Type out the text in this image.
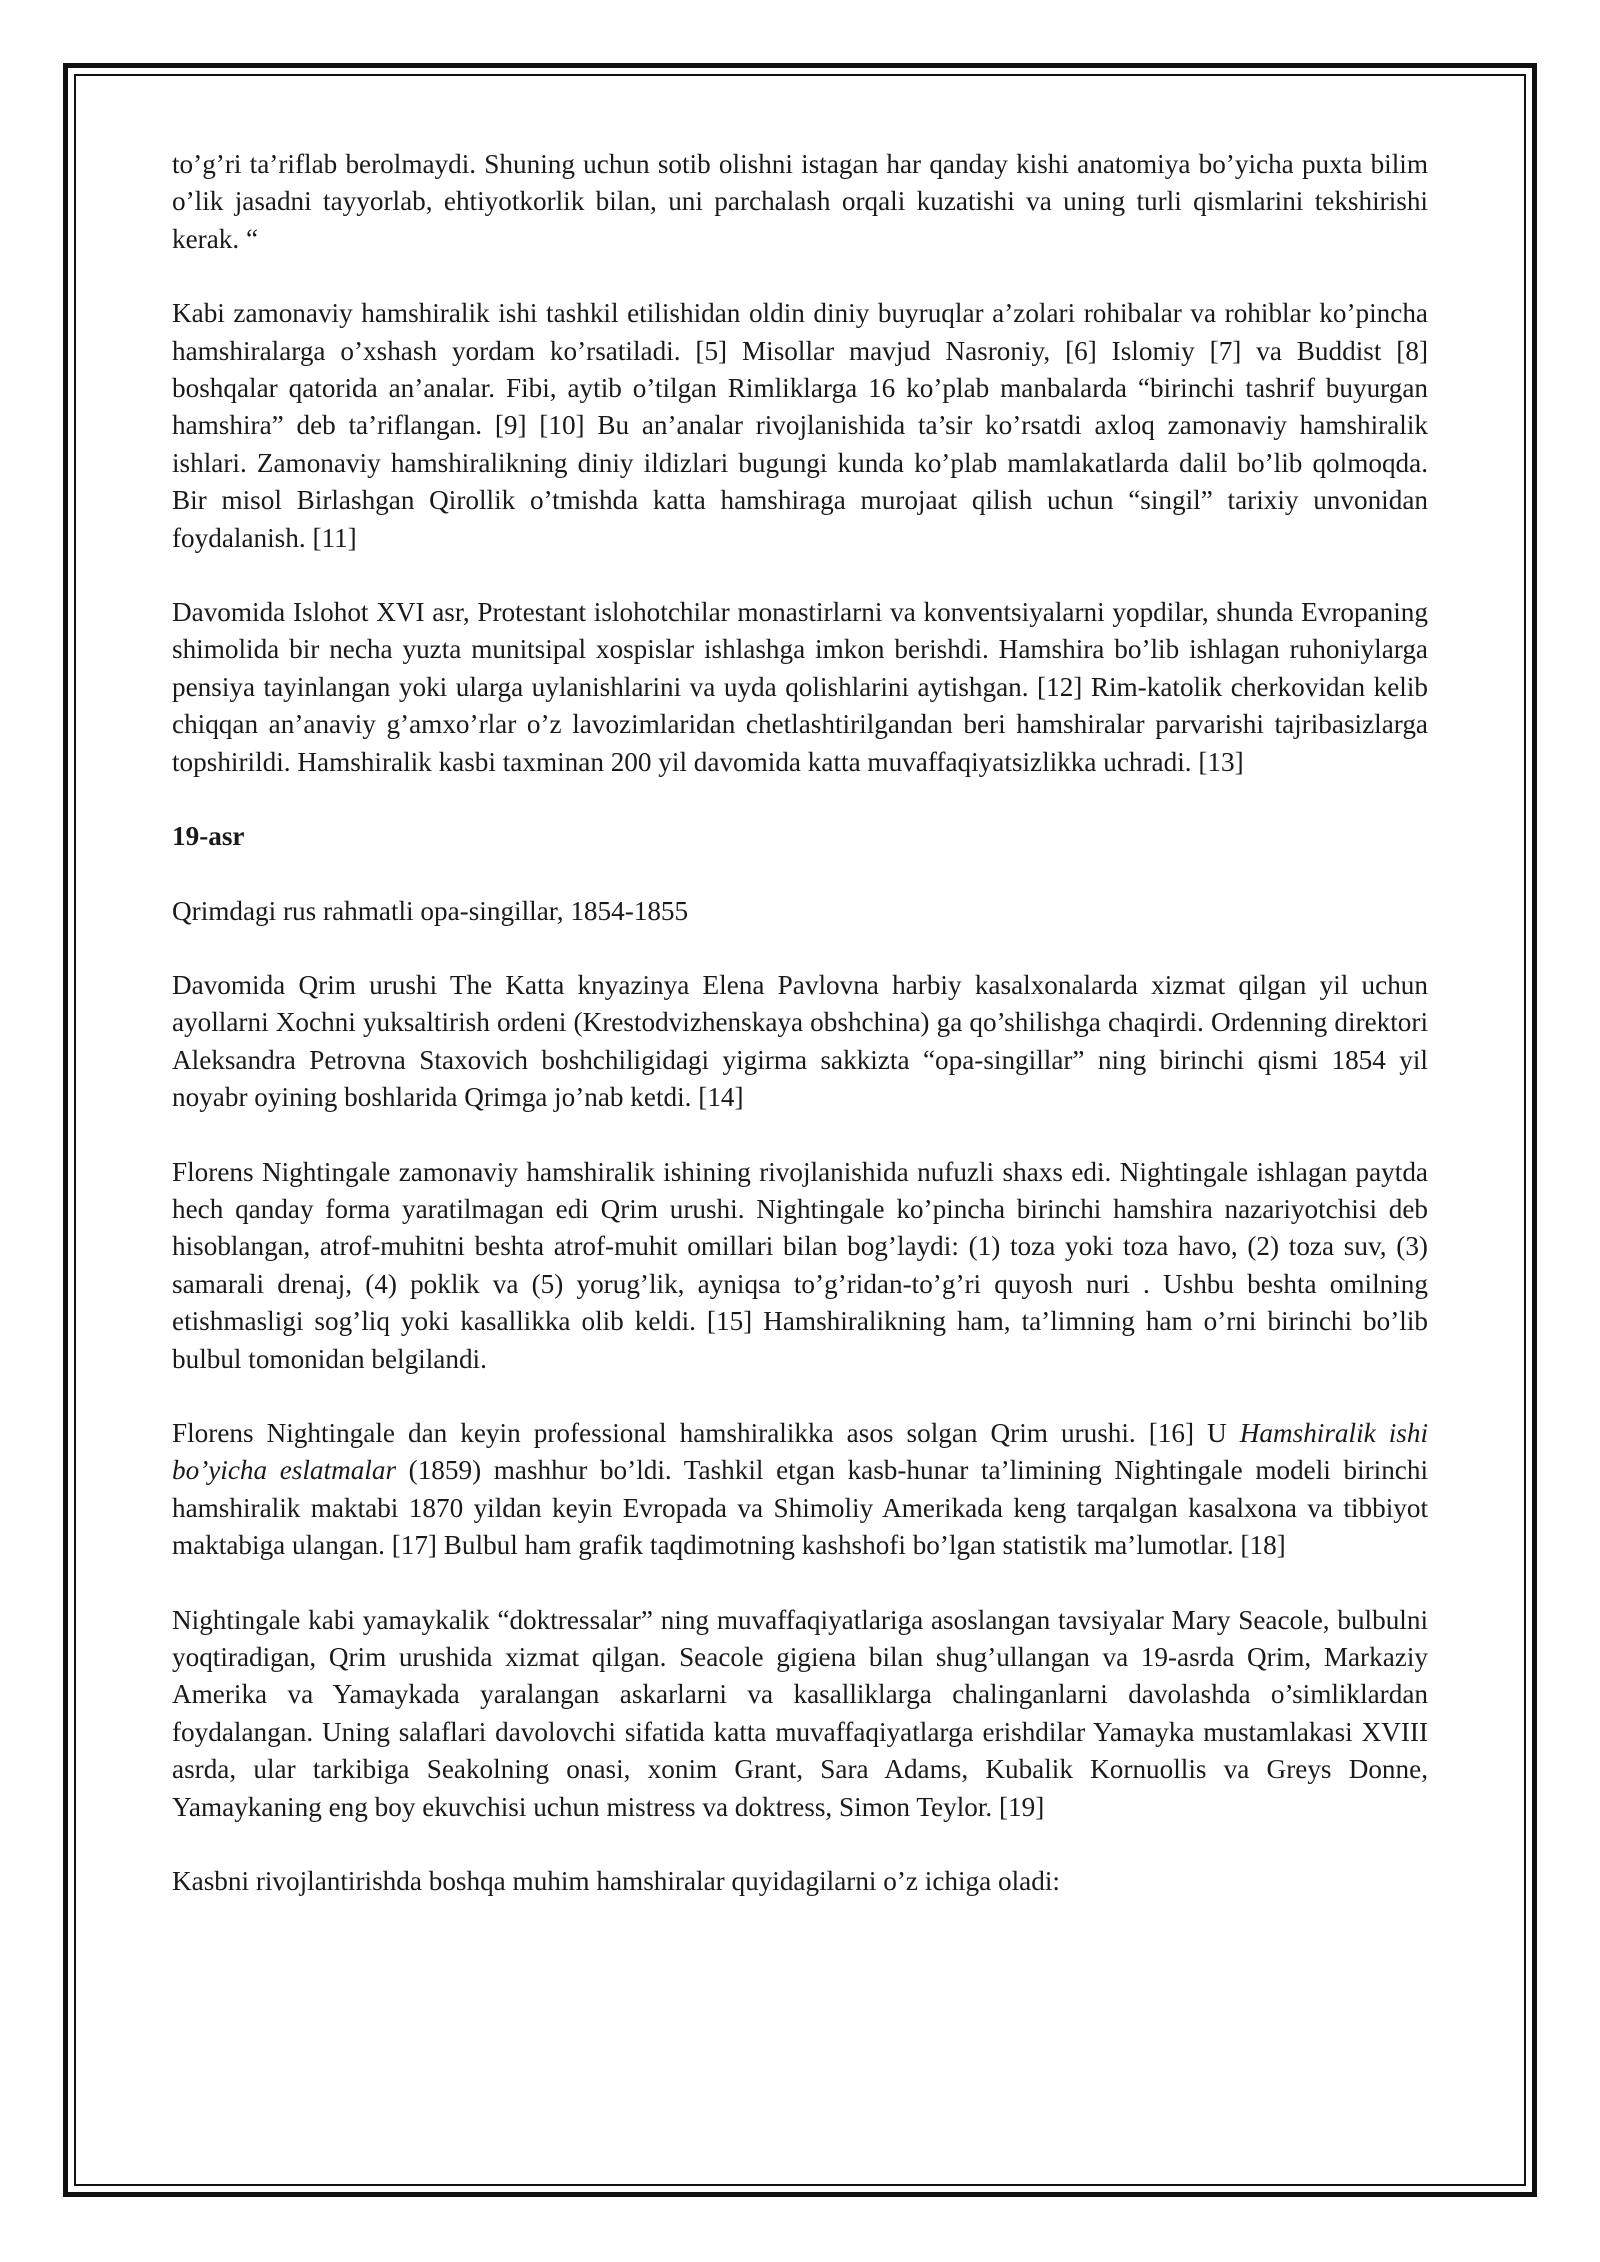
to’g’ri ta’riflab berolmaydi. Shuning uchun sotib olishni istagan har qanday kishi anatomiya bo’yicha puxta bilim o’lik jasadni tayyorlab, ehtiyotkorlik bilan, uni parchalash orqali kuzatishi va uning turli qismlarini tekshirishi kerak. “

Kabi zamonaviy hamshiralik ishi tashkil etilishidan oldin diniy buyruqlar a’zolari rohibalar va rohiblar ko’pincha hamshiralarga o’xshash yordam ko’rsatiladi. [5] Misollar mavjud Nasroniy, [6] Islomiy [7] va Buddist [8] boshqalar qatorida an’analar. Fibi, aytib o’tilgan Rimliklarga 16 ko’plab manbalarda “birinchi tashrif buyurgan hamshira” deb ta’riflangan. [9] [10] Bu an’analar rivojlanishida ta’sir ko’rsatdi axloq zamonaviy hamshiralik ishlari. Zamonaviy hamshiralikning diniy ildizlari bugungi kunda ko’plab mamlakatlarda dalil bo’lib qolmoqda. Bir misol Birlashgan Qirollik o’tmishda katta hamshiraga murojaat qilish uchun “singil” tarixiy unvonidan foydalanish. [11]

Davomida Islohot XVI asr, Protestant islohotchilar monastirlarni va konventsiyalarni yopdilar, shunda Evropaning shimolida bir necha yuzta munitsipal xospislar ishlashga imkon berishdi. Hamshira bo’lib ishlagan ruhoniylarga pensiya tayinlangan yoki ularga uylanishlarini va uyda qolishlarini aytishgan. [12] Rim-katolik cherkovidan kelib chiqqan an’anaviy g’amxo’rlar o’z lavozimlaridan chetlashtirilgandan beri hamshiralar parvarishi tajribasizlarga topshirildi. Hamshiralik kasbi taxminan 200 yil davomida katta muvaffaqiyatsizlikka uchradi. [13]

19-asr

Qrimdagi rus rahmatli opa-singillar, 1854-1855

Davomida Qrim urushi The Katta knyazinya Elena Pavlovna harbiy kasalxonalarda xizmat qilgan yil uchun ayollarni Xochni yuksaltirish ordeni (Krestodvizhenskaya obshchina) ga qo’shilishga chaqirdi. Ordenning direktori Aleksandra Petrovna Staxovich boshchiligidagi yigirma sakkizta “opa-singillar” ning birinchi qismi 1854 yil noyabr oyining boshlarida Qrimga jo’nab ketdi. [14]

Florens Nightingale zamonaviy hamshiralik ishining rivojlanishida nufuzli shaxs edi. Nightingale ishlagan paytda hech qanday forma yaratilmagan edi Qrim urushi. Nightingale ko’pincha birinchi hamshira nazariyotchisi deb hisoblangan, atrof-muhitni beshta atrof-muhit omillari bilan bog’laydi: (1) toza yoki toza havo, (2) toza suv, (3) samarali drenaj, (4) poklik va (5) yorug’lik, ayniqsa to’g’ridan-to’g’ri quyosh nuri . Ushbu beshta omilning etishmasligi sog’liq yoki kasallikka olib keldi. [15] Hamshiralikning ham, ta’limning ham o’rni birinchi bo’lib bulbul tomonidan belgilandi.

Florens Nightingale dan keyin professional hamshiralikka asos solgan Qrim urushi. [16] U Hamshiralik ishi bo’yicha eslatmalar (1859) mashhur bo’ldi. Tashkil etgan kasb-hunar ta’limining Nightingale modeli birinchi hamshiralik maktabi 1870 yildan keyin Evropada va Shimoliy Amerikada keng tarqalgan kasalxona va tibbiyot maktabiga ulangan. [17] Bulbul ham grafik taqdimotning kashshofi bo’lgan statistik ma’lumotlar. [18]

Nightingale kabi yamaykalik “doktressalar” ning muvaffaqiyatlariga asoslangan tavsiyalar Mary Seacole, bulbulni yoqtiradigan, Qrim urushida xizmat qilgan. Seacole gigiena bilan shug’ullangan va 19-asrda Qrim, Markaziy Amerika va Yamaykada yaralangan askarlarni va kasalliklarga chalinganlarni davolashda o’simliklardan foydalangan. Uning salaflari davolovchi sifatida katta muvaffaqiyatlarga erishdilar Yamayka mustamlakasi XVIII asrda, ular tarkibiga Seakolning onasi, xonim Grant, Sara Adams, Kubalik Kornuollis va Greys Donne, Yamaykaning eng boy ekuvchisi uchun mistress va doktress, Simon Teylor. [19]

Kasbni rivojlantirishda boshqa muhim hamshiralar quyidagilarni o’z ichiga oladi:
